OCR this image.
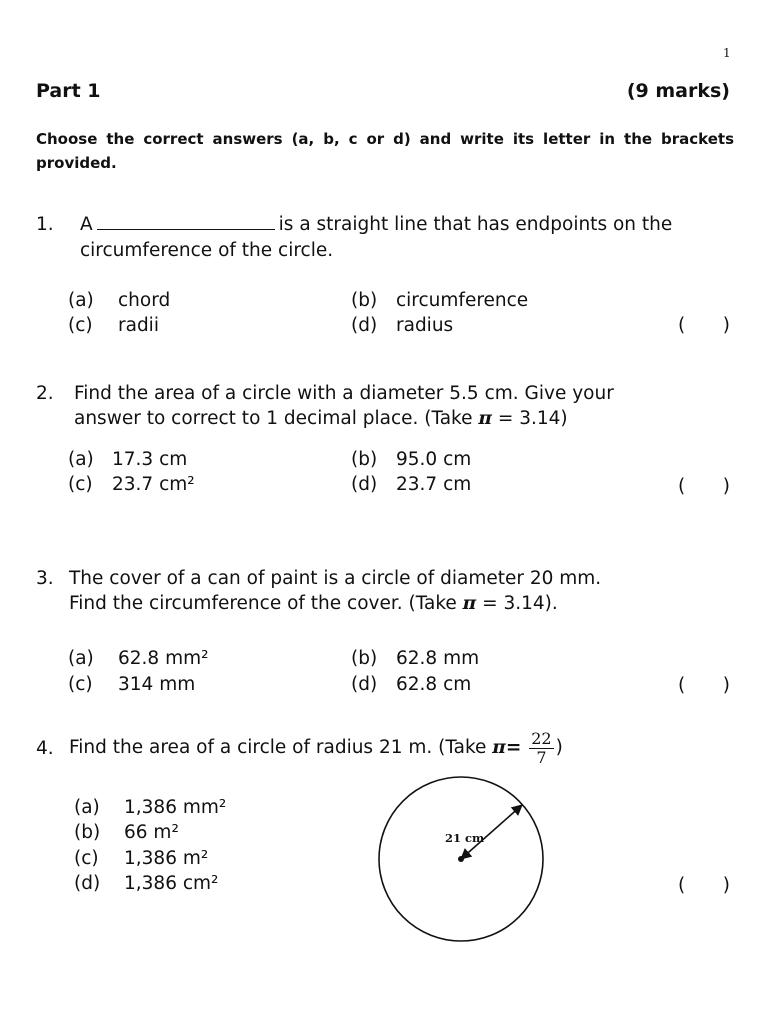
1
Part 1	(9 marks)
Choose the correct answers (a, b, c or d) and write its letter in the brackets provided.
1. A	is a straight line that has endpoints on the
circumference of the circle.
(a) chord	(b) circumference
(c) radii	(d) radius	( )
2. Find the area of a circle with a diameter 5.5 cm. Give your
answer to correct to 1 decimal place. (Take π = 3.14)
(a) 17.3 cm	(b) 95.0 cm
(c) 23.7 cm²	(d) 23.7 cm	( )
3. The cover of a can of paint is a circle of diameter 20 mm.
Find the circumference of the cover. (Take π = 3.14).
(a) 62.8 mm²	(b) 62.8 mm
(c) 314 mm	(d) 62.8 cm	( )
4. Find the area of a circle of radius 21 m. (Take $\pi= \frac{22}{7}$ )
(a) 1,386 mm²
(b) 66 m²
(c) 1,386 m²
(d) 1,386 cm²	( )
21 cm
